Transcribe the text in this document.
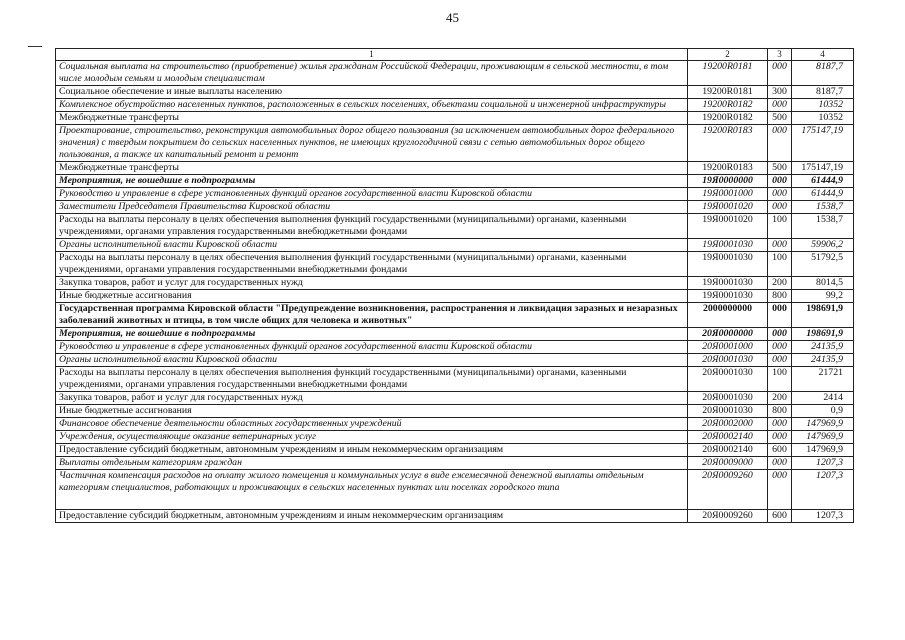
45
1	2	3	4
Социальная выплата на строительство (приобретение) жилья гражданам Российской Федерации, проживающим в сельской местности, в том числе молодым семьям и молодым специалистам	19200R0181	000	8187,7
Социальное обеспечение и иные выплаты населению	19200R0181	300	8187,7
Комплексное обустройство населенных пунктов, расположенных в сельских поселениях, объектами социальной и инженерной инфраструктуры	19200R0182	000	10352
Межбюджетные трансферты	19200R0182	500	10352
Проектирование, строительство, реконструкция автомобильных дорог общего пользования (за исключением автомобильных дорог федерального значения) с твердым покрытием до сельских населенных пунктов, не имеющих круглогодичной связи с сетью автомобильных дорог общего пользования, а также их капитальный ремонт и ремонт	19200R0183	000	175147,19
Межбюджетные трансферты	19200R0183	500	175147,19
Мероприятия, не вошедшие в подпрограммы	19Я0000000	000	61444,9
Руководство и управление в сфере установленных функций органов государственной власти Кировской области	19Я0001000	000	61444,9
Заместители Председателя Правительства Кировской области	19Я0001020	000	1538,7
Расходы на выплаты персоналу в целях обеспечения выполнения функций государственными (муниципальными) органами, казенными учреждениями, органами управления государственными внебюджетными фондами	19Я0001020	100	1538,7
Органы исполнительной власти Кировской области	19Я0001030	000	59906,2
Расходы на выплаты персоналу в целях обеспечения выполнения функций государственными (муниципальными) органами, казенными учреждениями, органами управления государственными внебюджетными фондами	19Я0001030	100	51792,5
Закупка товаров, работ и услуг для государственных нужд	19Я0001030	200	8014,5
Иные бюджетные ассигнования	19Я0001030	800	99,2
Государственная программа Кировской области "Предупреждение возникновения, распространения и ликвидация заразных и незаразных заболеваний животных и птицы, в том числе общих для человека и животных"	2000000000	000	198691,9
Мероприятия, не вошедшие в подпрограммы	20Я0000000	000	198691,9
Руководство и управление в сфере установленных функций органов государственной власти Кировской области	20Я0001000	000	24135,9
Органы исполнительной власти Кировской области	20Я0001030	000	24135,9
Расходы на выплаты персоналу в целях обеспечения выполнения функций государственными (муниципальными) органами, казенными учреждениями, органами управления государственными внебюджетными фондами	20Я0001030	100	21721
Закупка товаров, работ и услуг для государственных нужд	20Я0001030	200	2414
Иные бюджетные ассигнования	20Я0001030	800	0,9
Финансовое обеспечение деятельности областных государственных учреждений	20Я0002000	000	147969,9
Учреждения, осуществляющие оказание ветеринарных услуг	20Я0002140	000	147969,9
Предоставление субсидий бюджетным, автономным учреждениям и иным некоммерческим организациям	20Я0002140	600	147969,9
Выплаты отдельным категориям граждан	20Я0009000	000	1207,3
Частичная компенсация расходов на оплату жилого помещения и коммунальных услуг в виде ежемесячной денежной выплаты отдельным категориям специалистов, работающих и проживающих в сельских населенных пунктах или поселках городского типа	20Я0009260	000	1207,3
Предоставление субсидий бюджетным, автономным учреждениям и иным некоммерческим организациям	20Я0009260	600	1207,3
